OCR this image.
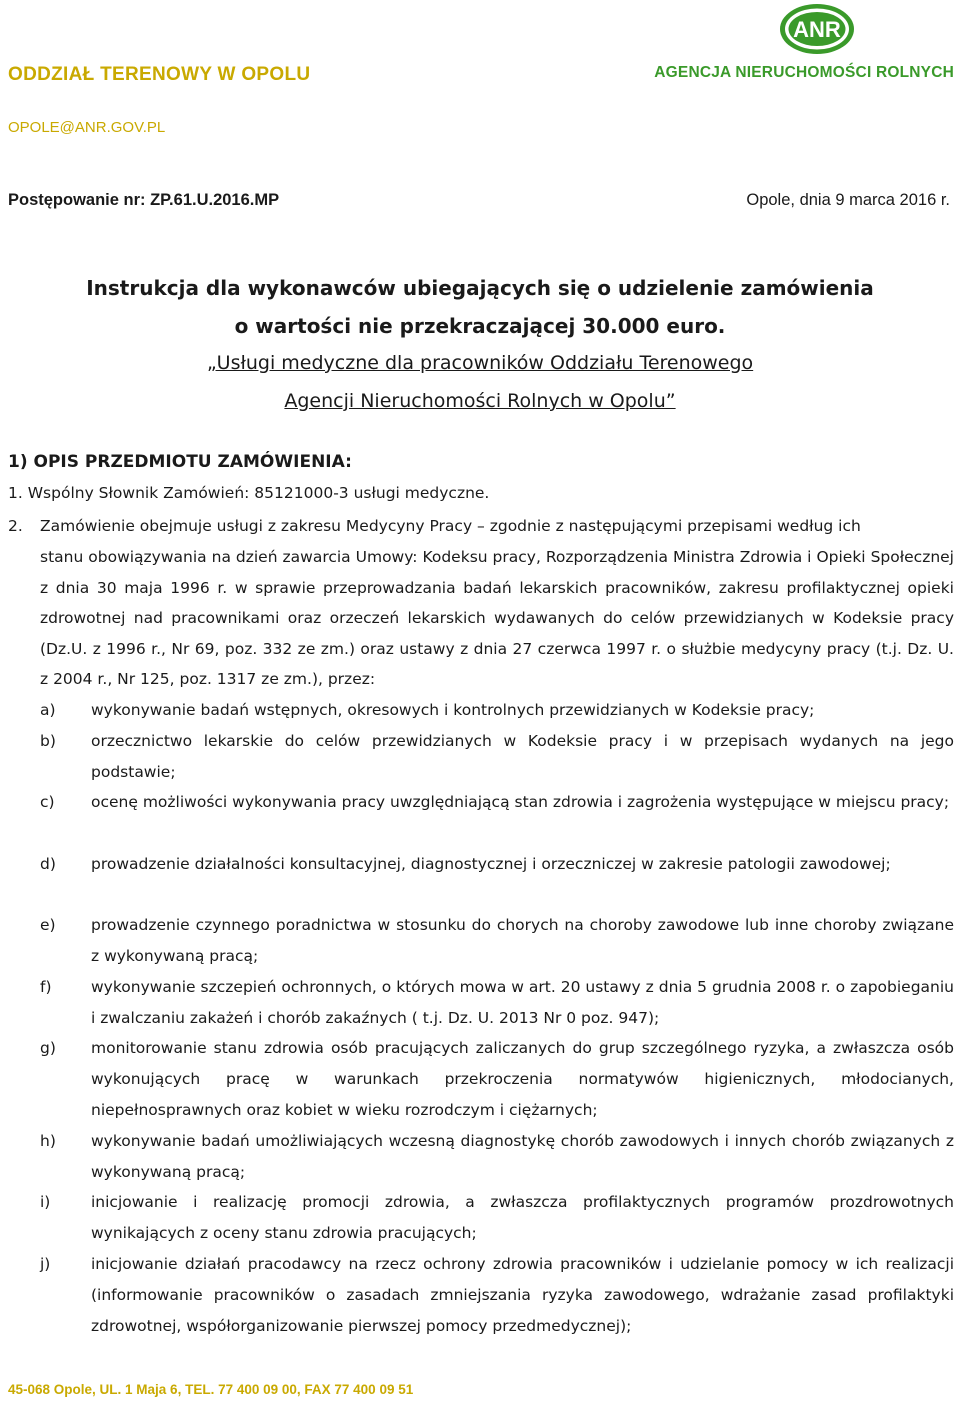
ODDZIAŁ TERENOWY W OPOLU
OPOLE@ANR.GOV.PL
ANR
AGENCJA NIERUCHOMOŚCI ROLNYCH
Postępowanie nr: ZP.61.U.2016.MP	Opole, dnia 9 marca 2016 r.
Instrukcja dla wykonawców ubiegających się o udzielenie zamówienia
o wartości nie przekraczającej 30.000 euro.
„Usługi medyczne dla pracowników Oddziału Terenowego
Agencji Nieruchomości Rolnych w Opolu”
1) OPIS PRZEDMIOTU ZAMÓWIENIA:
1. Wspólny Słownik Zamówień: 85121000-3 usługi medyczne.
2. Zamówienie obejmuje usługi z zakresu Medycyny Pracy – zgodnie z następującymi przepisami według ich
stanu obowiązywania na dzień zawarcia Umowy: Kodeksu pracy, Rozporządzenia Ministra Zdrowia i Opieki Społecznej z dnia 30 maja 1996 r. w sprawie przeprowadzania badań lekarskich pracowników, zakresu profilaktycznej opieki zdrowotnej nad pracownikami oraz orzeczeń lekarskich wydawanych do celów przewidzianych w Kodeksie pracy (Dz.U. z 1996 r., Nr 69, poz. 332 ze zm.) oraz ustawy z dnia 27 czerwca 1997 r. o służbie medycyny pracy (t.j. Dz. U. z 2004 r., Nr 125, poz. 1317 ze zm.), przez:
a)	wykonywanie badań wstępnych, okresowych i kontrolnych przewidzianych w Kodeksie pracy;
b)	orzecznictwo lekarskie do celów przewidzianych w Kodeksie pracy i w przepisach wydanych na jego podstawie;
c)	ocenę możliwości wykonywania pracy uwzględniającą stan zdrowia i zagrożenia występujące w miejscu pracy;
d)	prowadzenie działalności konsultacyjnej, diagnostycznej i orzeczniczej w zakresie patologii zawodowej;
e)	prowadzenie czynnego poradnictwa w stosunku do chorych na choroby zawodowe lub inne choroby związane z wykonywaną pracą;
f)	wykonywanie szczepień ochronnych, o których mowa w art. 20 ustawy z dnia 5 grudnia 2008 r. o zapobieganiu i zwalczaniu zakażeń i chorób zakaźnych ( t.j. Dz. U. 2013 Nr 0 poz. 947);
g)	monitorowanie stanu zdrowia osób pracujących zaliczanych do grup szczególnego ryzyka, a zwłaszcza osób wykonujących pracę w warunkach przekroczenia normatywów higienicznych, młodocianych, niepełnosprawnych oraz kobiet w wieku rozrodczym i ciężarnych;
h)	wykonywanie badań umożliwiających wczesną diagnostykę chorób zawodowych i innych chorób związanych z wykonywaną pracą;
i)	inicjowanie i realizację promocji zdrowia, a zwłaszcza profilaktycznych programów prozdrowotnych wynikających z oceny stanu zdrowia pracujących;
j)	inicjowanie działań pracodawcy na rzecz ochrony zdrowia pracowników i udzielanie pomocy w ich realizacji (informowanie pracowników o zasadach zmniejszania ryzyka zawodowego, wdrażanie zasad profilaktyki zdrowotnej, współorganizowanie pierwszej pomocy przedmedycznej);
45-068 Opole, UL. 1 Maja 6, TEL. 77 400 09 00, FAX 77 400 09 51
